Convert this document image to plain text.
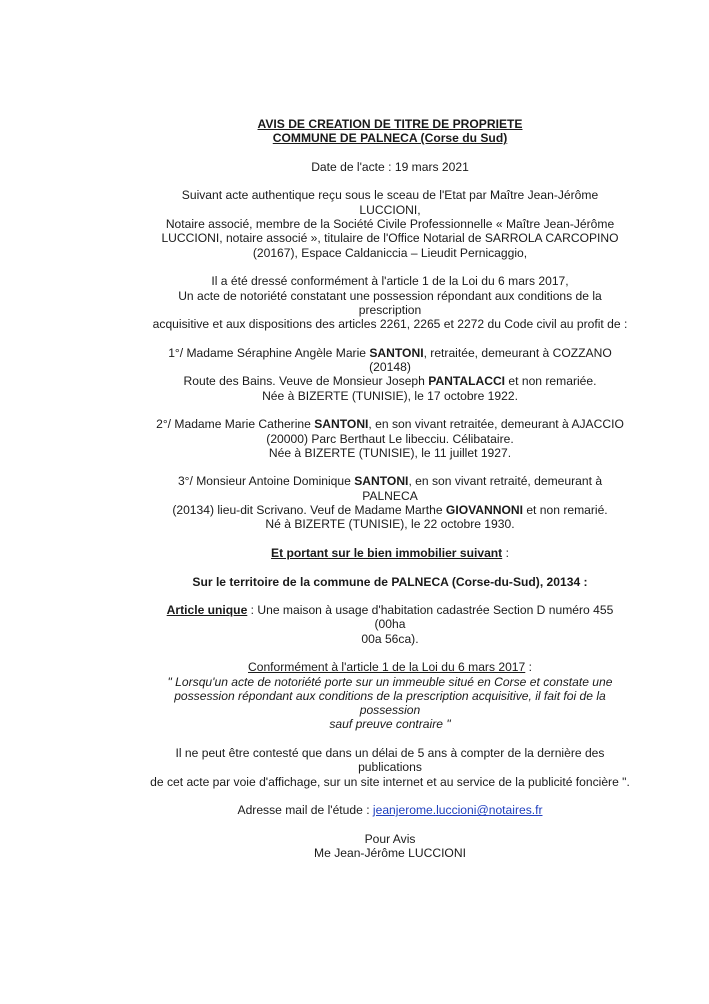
AVIS DE CREATION DE TITRE DE PROPRIETE

COMMUNE DE PALNECA (Corse du Sud)

Date de l'acte : 19 mars 2021

Suivant acte authentique reçu sous le sceau de l'Etat par Maître Jean-Jérôme LUCCIONI,

Notaire associé, membre de la Société Civile Professionnelle « Maître Jean-Jérôme

LUCCIONI, notaire associé », titulaire de l'Office Notarial de SARROLA CARCOPINO

(20167), Espace Caldaniccia – Lieudit Pernicaggio,

Il a été dressé conformément à l'article 1 de la Loi du 6 mars 2017,

Un acte de notoriété constatant une possession répondant aux conditions de la prescription

acquisitive et aux dispositions des articles 2261, 2265 et 2272 du Code civil au profit de :

1°/ Madame Séraphine Angèle Marie SANTONI, retraitée, demeurant à COZZANO (20148)

Route des Bains. Veuve de Monsieur Joseph PANTALACCI et non remariée.

Née à BIZERTE (TUNISIE), le 17 octobre 1922.

2°/ Madame Marie Catherine SANTONI, en son vivant retraitée, demeurant à AJACCIO

(20000) Parc Berthaut Le libecciu. Célibataire.

Née à BIZERTE (TUNISIE), le 11 juillet 1927.

3°/ Monsieur Antoine Dominique SANTONI, en son vivant retraité, demeurant à PALNECA

(20134) lieu-dit Scrivano. Veuf de Madame Marthe GIOVANNONI et non remarié.

Né à BIZERTE (TUNISIE), le 22 octobre 1930.

Et portant sur le bien immobilier suivant :

Sur le territoire de la commune de PALNECA (Corse-du-Sud), 20134 :

Article unique : Une maison à usage d'habitation cadastrée Section D numéro 455 (00ha

00a 56ca).

Conformément à l'article 1 de la Loi du 6 mars 2017 :

" Lorsqu'un acte de notoriété porte sur un immeuble situé en Corse et constate une

possession répondant aux conditions de la prescription acquisitive, il fait foi de la possession

sauf preuve contraire "

Il ne peut être contesté que dans un délai de 5 ans à compter de la dernière des publications

de cet acte par voie d'affichage, sur un site internet et au service de la publicité foncière ".

Adresse mail de l'étude : jeanjerome.luccioni@notaires.fr

Pour Avis

Me Jean-Jérôme LUCCIONI
